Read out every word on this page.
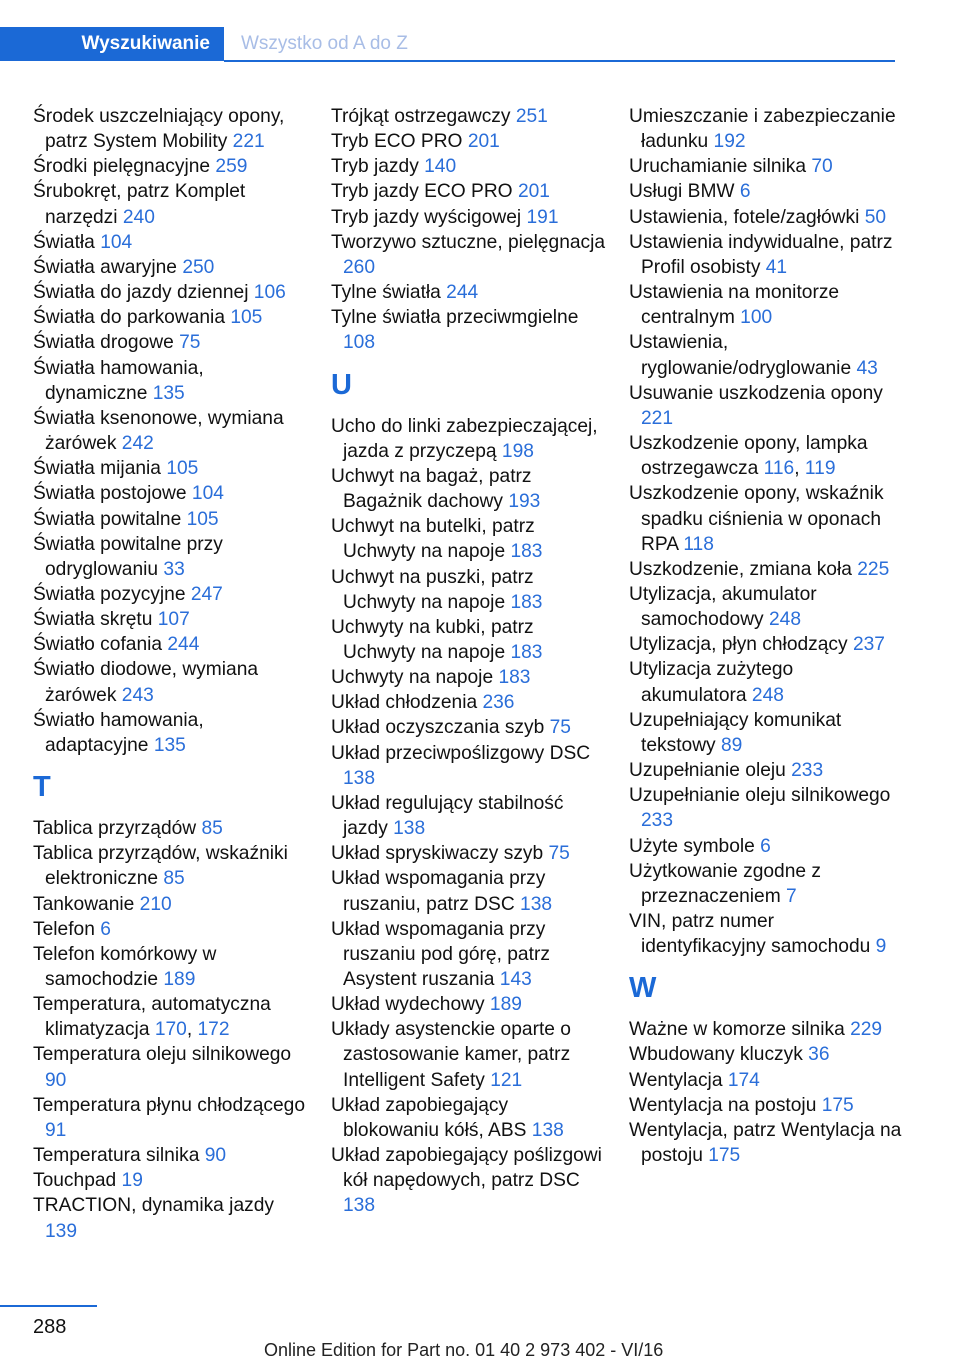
Wyszukiwanie	Wszystko od A do Z
Środek uszczelniający opony, patrz System Mobility 221
Środki pielęgnacyjne 259
Śrubokręt, patrz Komplet narzędzi 240
Światła 104
Światła awaryjne 250
Światła do jazdy dziennej 106
Światła do parkowania 105
Światła drogowe 75
Światła hamowania, dynamiczne 135
Światła ksenonowe, wymiana żarówek 242
Światła mijania 105
Światła postojowe 104
Światła powitalne 105
Światła powitalne przy odryglowaniu 33
Światła pozycyjne 247
Światła skrętu 107
Światło cofania 244
Światło diodowe, wymiana żarówek 243
Światło hamowania, adaptacyjne 135
T
Tablica przyrządów 85
Tablica przyrządów, wskaźniki elektroniczne 85
Tankowanie 210
Telefon 6
Telefon komórkowy w samochodzie 189
Temperatura, automatyczna klimatyzacja 170, 172
Temperatura oleju silnikowego 90
Temperatura płynu chłodzącego 91
Temperatura silnika 90
Touchpad 19
TRACTION, dynamika jazdy 139
Trójkąt ostrzegawczy 251
Tryb ECO PRO 201
Tryb jazdy 140
Tryb jazdy ECO PRO 201
Tryb jazdy wyścigowej 191
Tworzywo sztuczne, pielęgnacja 260
Tylne światła 244
Tylne światła przeciwmgielne 108
U
Ucho do linki zabezpieczającej, jazda z przyczepą 198
Uchwyt na bagaż, patrz Bagażnik dachowy 193
Uchwyt na butelki, patrz Uchwyty na napoje 183
Uchwyt na puszki, patrz Uchwyty na napoje 183
Uchwyty na kubki, patrz Uchwyty na napoje 183
Uchwyty na napoje 183
Układ chłodzenia 236
Układ oczyszczania szyb 75
Układ przeciwpoślizgowy DSC 138
Układ regulujący stabilność jazdy 138
Układ spryskiwaczy szyb 75
Układ wspomagania przy ruszaniu, patrz DSC 138
Układ wspomagania przy ruszaniu pod górę, patrz Asystent ruszania 143
Układ wydechowy 189
Układy asystenckie oparte o zastosowanie kamer, patrz Intelligent Safety 121
Układ zapobiegający blokowaniu kółś, ABS 138
Układ zapobiegający poślizgowi kół napędowych, patrz DSC 138
Umieszczanie i zabezpieczanie ładunku 192
Uruchamianie silnika 70
Usługi BMW 6
Ustawienia, fotele/zagłówki 50
Ustawienia indywidualne, patrz Profil osobisty 41
Ustawienia na monitorze centralnym 100
Ustawienia, ryglowanie/odryglowanie 43
Usuwanie uszkodzenia opony 221
Uszkodzenie opony, lampka ostrzegawcza 116, 119
Uszkodzenie opony, wskaźnik spadku ciśnienia w oponach RPA 118
Uszkodzenie, zmiana koła 225
Utylizacja, akumulator samochodowy 248
Utylizacja, płyn chłodzący 237
Utylizacja zużytego akumulatora 248
Uzupełniający komunikat tekstowy 89
Uzupełnianie oleju 233
Uzupełnianie oleju silnikowego 233
Użyte symbole 6
Użytkowanie zgodne z przeznaczeniem 7
VIN, patrz numer identyfikacyjny samochodu 9
W
Ważne w komorze silnika 229
Wbudowany kluczyk 36
Wentylacja 174
Wentylacja na postoju 175
Wentylacja, patrz Wentylacja na postoju 175
288
Online Edition for Part no. 01 40 2 973 402 - VI/16
